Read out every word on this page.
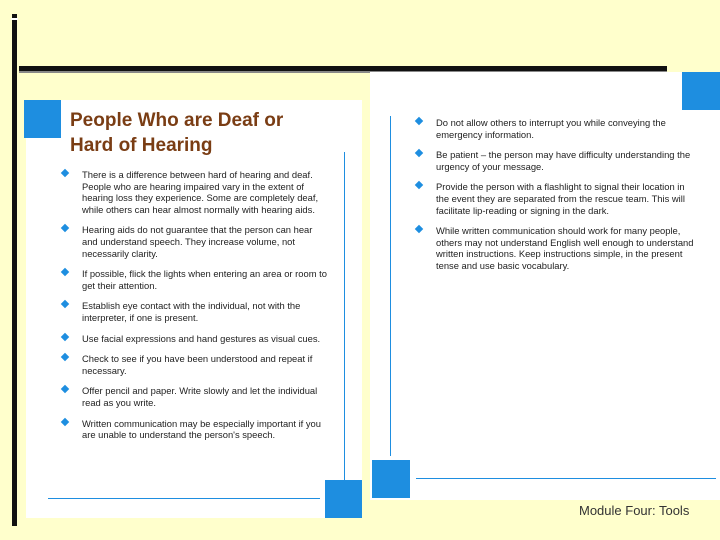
People Who are Deaf or
Hard of Hearing
There is a difference between hard of hearing and deaf. People who are hearing impaired vary in the extent of hearing loss they experience. Some are completely deaf, while others can hear almost normally with hearing aids.
Hearing aids do not guarantee that the person can hear and understand speech. They increase volume, not necessarily clarity.
If possible, flick the lights when entering an area or room to get their attention.
Establish eye contact with the individual, not with the interpreter, if one is present.
Use facial expressions and hand gestures as visual cues.
Check to see if you have been understood and repeat if necessary.
Offer pencil and paper. Write slowly and let the individual read as you write.
Written communication may be especially important if you are unable to understand the person's speech.
Do not allow others to interrupt you while conveying the emergency information.
Be patient – the person may have difficulty understanding the urgency of your message.
Provide the person with a flashlight to signal their location in the event they are separated from the rescue team. This will facilitate lip-reading or signing in the dark.
While written communication should work for many people, others may not understand English well enough to understand written instructions. Keep instructions simple, in the present tense and use basic vocabulary.
Module Four: Tools
